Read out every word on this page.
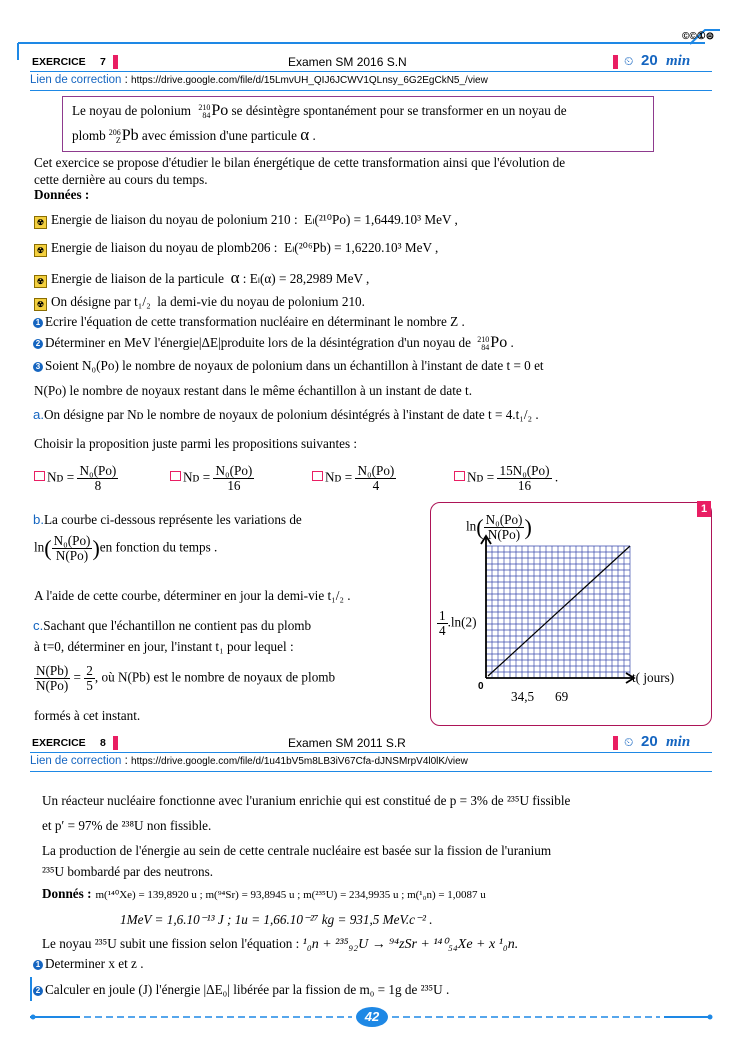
©©①⊜
EXERCICE 7	Examen SM 2016 S.N	⏲ 20 min
Lien de correction : https://drive.google.com/file/d/15LmvUH_QIJ6JCWV1QLnsy_6G2EgCkN5_/view
Le noyau de polonium 210
84 Po se désintègre spontanément pour se transformer en un noyau de
plomb 206
Z Pb avec émission d'une particule α .
Cet exercice se propose d'étudier le bilan énergétique de cette transformation ainsi que l'évolution de
cette dernière au cours du temps.
Données :
☢ Energie de liaison du noyau de polonium 210 : Eₗ(²¹⁰Po) = 1,6449.10³ MeV ,
☢ Energie de liaison du noyau de plomb206 : Eₗ(²⁰⁶Pb) = 1,6220.10³ MeV ,
☢ Energie de liaison de la particule α : Eₗ(α) = 28,2989 MeV ,
☢ On désigne par t₁/₂ la demi-vie du noyau de polonium 210.
1 Ecrire l'équation de cette transformation nucléaire en déterminant le nombre Z .
2 Déterminer en MeV l'énergie|ΔE|produite lors de la désintégration d'un noyau de 210
84 Po .
3 Soient N₀(Po) le nombre de noyaux de polonium dans un échantillon à l'instant de date t = 0 et
N(Po) le nombre de noyaux restant dans le même échantillon à un instant de date t.
a.On désigne par Nᴅ le nombre de noyaux de polonium désintégrés à l'instant de date t = 4.t₁/₂ .
Choisir la proposition juste parmi les propositions suivantes :
Nᴅ = $\frac{\text{N₀(Po)}}{8}$	Nᴅ = $\frac{\text{N₀(Po)}}{16}$	Nᴅ = $\frac{\text{N₀(Po)}}{4}$	Nᴅ = $\frac{\text{15N₀(Po)}}{16}$ .
b.La courbe ci-dessous représente les variations de
$\ln( \frac{\text{N₀(Po)}}{N(Po)} )en$ fonction du temps .
A l'aide de cette courbe, déterminer en jour la demi-vie t₁/₂ .
c.Sachant que l'échantillon ne contient pas du plomb
à t=0, déterminer en jour, l'instant t₁ pour lequel :
$\frac{N(Pb)}{N(Po)} = \frac{2}{5}$ , où N(Pb) est le nombre de noyaux de plomb
formés à cet instant.
1
$\ln( \frac{\text{N₀(Po)}}{N(Po)}$ )
$\frac{1}{4} .\ln(2)$
t( jours)
0
34,5 69
EXERCICE 8	Examen SM 2011 S.R	⏲ 20 min
Lien de correction : https://drive.google.com/file/d/1u41bV5m8LB3iV67Cfa-dJNSMrpV4l0lK/view
Un réacteur nucléaire fonctionne avec l'uranium enrichie qui est constitué de p = 3% de ²³⁵U fissible
et p′ = 97% de ²³⁸U non fissible.
La production de l'énergie au sein de cette centrale nucléaire est basée sur la fission de l'uranium
²³⁵U bombardé par des neutrons.
Donnés : m(¹⁴⁰Xe) = 139,8920 u ; m(⁹⁴Sr) = 93,8945 u ; m(²³⁵U) = 234,9935 u ; m(¹₀n) = 1,0087 u
1MeV = 1,6.10⁻¹³ J ; 1u = 1,66.10⁻²⁷ kg = 931,5 MeV.c⁻² .
Le noyau ²³⁵U subit une fission selon l'équation : ¹₀n + ²³⁵₉₂U → ⁹⁴zSr + ¹⁴⁰₅₄Xe + x ¹₀n.
1 Determiner x et z .
2 Calculer en joule (J) l'énergie |ΔE₀| libérée par la fission de m₀ = 1g de ²³⁵U .
42
